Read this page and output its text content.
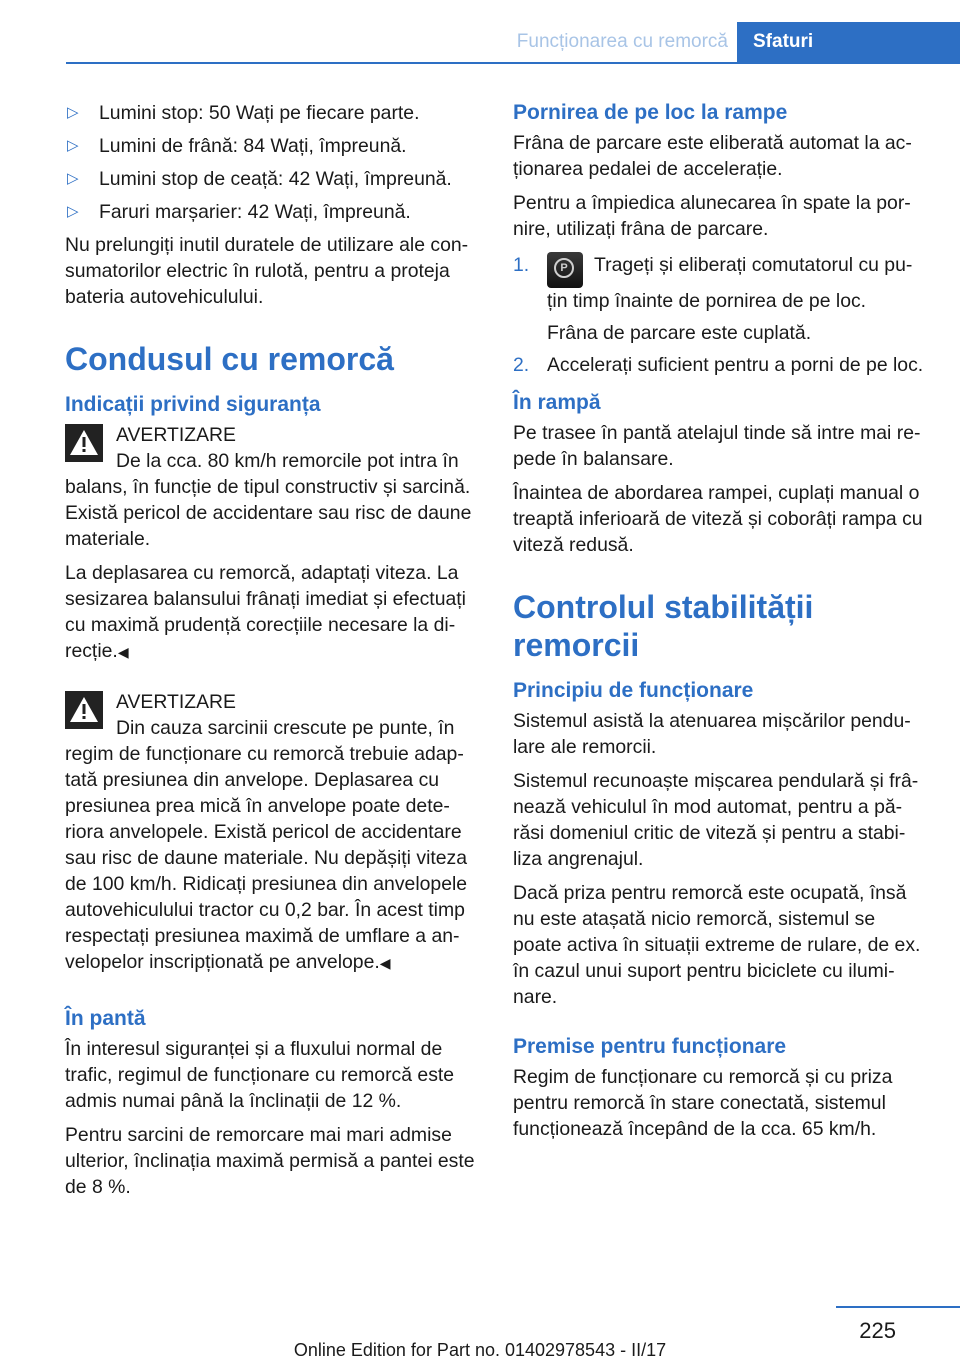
Funcționarea cu remorcă	Sfaturi
▷ Lumini stop: 50 Wați pe fiecare parte.
▷ Lumini de frână: 84 Wați, împreună.
▷ Lumini stop de ceață: 42 Wați, împreună.
▷ Faruri marșarier: 42 Wați, împreună.

Nu prelungiți inutil duratele de utilizare ale con‐sumatorilor electric în rulotă, pentru a proteja bateria autovehiculului.

Condusul cu remorcă
Indicații privind siguranța
AVERTIZARE

De la cca. 80 km/h remorcile pot intra în balans, în funcție de tipul constructiv și sarcină. Există pericol de accidentare sau risc de daune materiale.

La deplasarea cu remorcă, adaptați viteza. La sesizarea balansului frânați imediat și efectuați cu maximă prudență corecțiile necesare la di‐recție.◀

AVERTIZARE

Din cauza sarcinii crescute pe punte, în regim de funcționare cu remorcă trebuie adap‐tată presiunea din anvelope. Deplasarea cu presiunea prea mică în anvelope poate dete‐riora anvelopele. Există pericol de accidentare sau risc de daune materiale. Nu depășiți viteza de 100 km/h. Ridicați presiunea din anvelopele autovehiculului tractor cu 0,2 bar. În acest timp respectați presiunea maximă de umflare a an‐velopelor inscripționată pe anvelope.◀

În pantă

În interesul siguranței și a fluxului normal de trafic, regimul de funcționare cu remorcă este admis numai până la înclinații de 12 %.

Pentru sarcini de remorcare mai mari admise ulterior, înclinația maximă permisă a pantei este de 8 %.

Pornirea de pe loc la rampe

Frâna de parcare este eliberată automat la ac‐ționarea pedalei de accelerație.

Pentru a împiedica alunecarea în spate la por‐nire, utilizați frâna de parcare.

1.	P	Trageți și eliberați comutatorul cu pu‐țin timp înainte de pornirea de pe loc.
Frâna de parcare este cuplată.
2. Accelerați suficient pentru a porni de pe loc.
În rampă

Pe trasee în pantă atelajul tinde să intre mai re‐pede în balansare.

Înaintea de abordarea rampei, cuplați manual o treaptă inferioară de viteză și coborâți rampa cu viteză redusă.

Controlul stabilității remorcii
Principiu de funcționare

Sistemul asistă la atenuarea mișcărilor pendu‐lare ale remorcii.

Sistemul recunoaște mișcarea pendulară și frâ‐nează vehiculul în mod automat, pentru a pă‐răsi domeniul critic de viteză și pentru a stabi‐liza angrenajul.

Dacă priza pentru remorcă este ocupată, însă nu este atașată nicio remorcă, sistemul se poate activa în situații extreme de rulare, de ex. în cazul unui suport pentru biciclete cu ilumi‐nare.

Premise pentru funcționare

Regim de funcționare cu remorcă și cu priza pentru remorcă în stare conectată, sistemul funcționează începând de la cca. 65 km/h.

225
Online Edition for Part no. 01402978543 - II/17
